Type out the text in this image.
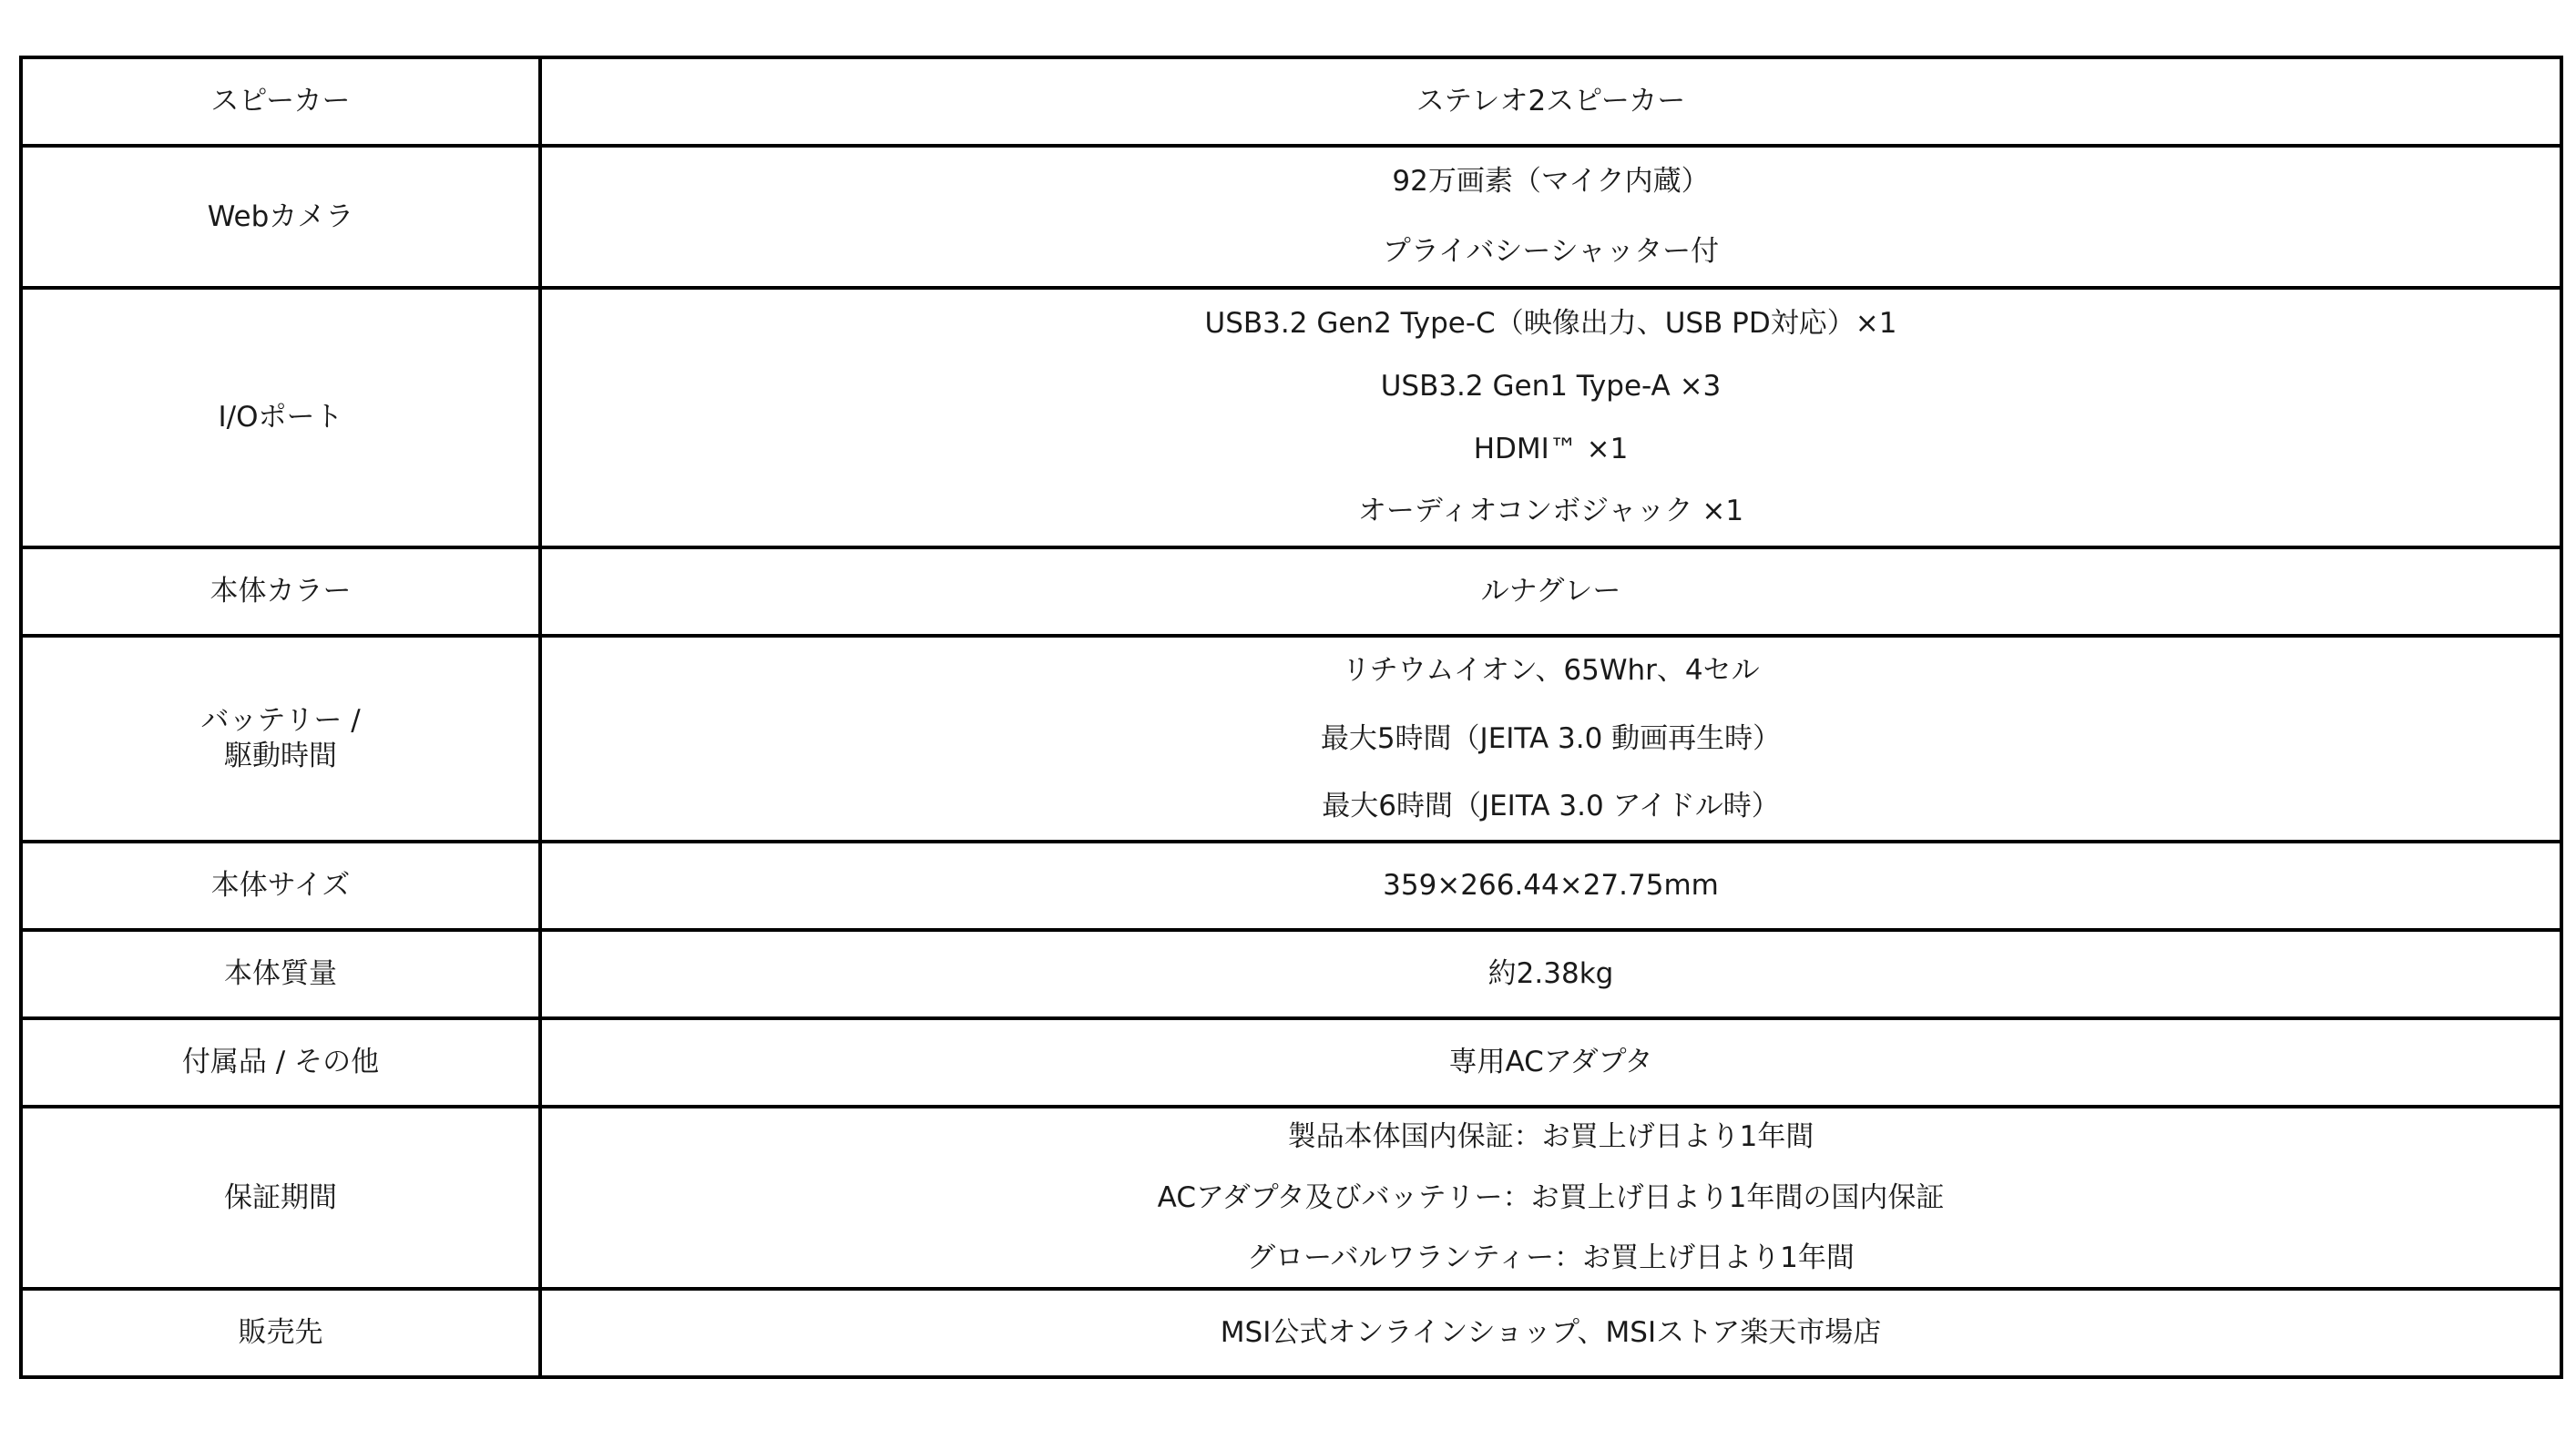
スピーカー	ステレオ2スピーカー

Webカメラ	92万画素（マイク内蔵）
プライバシーシャッター付

I/Oポート	USB3.2 Gen2 Type-C（映像出力、USB PD対応）×1
USB3.2 Gen1 Type-A ×3
HDMI™ ×1
オーディオコンボジャック ×1

本体カラー	ルナグレー

バッテリー /
駆動時間	リチウムイオン、65Whr、4セル
最大5時間（JEITA 3.0 動画再生時）
最大6時間（JEITA 3.0 アイドル時）

本体サイズ	359×266.44×27.75mm

本体質量	約2.38kg

付属品 / その他	専用ACアダプタ

保証期間	製品本体国内保証：お買上げ日より1年間
ACアダプタ及びバッテリー：お買上げ日より1年間の国内保証
グローバルワランティー：お買上げ日より1年間

販売先	MSI公式オンラインショップ、MSIストア楽天市場店
